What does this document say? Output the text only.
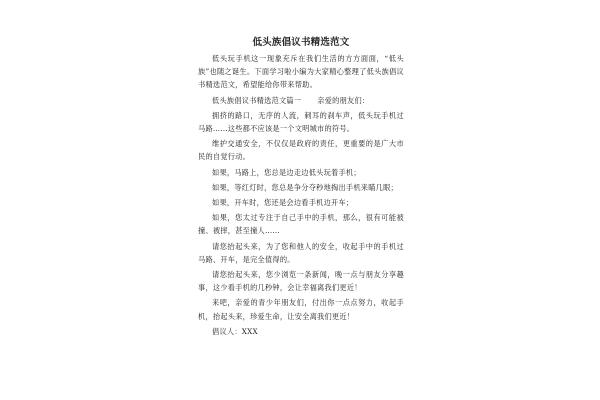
低头族倡议书精选范文

低头玩手机这一现象充斥在我们生活的方方面面，“低头族”也随之诞生。下面学习啦小编为大家精心整理了低头族倡议书精选范文，希望能给你带来帮助。

低头族倡议书精选范文篇一 亲爱的朋友们：

拥挤的路口，无序的人流，刺耳的刹车声，低头玩手机过马路……这些都不应该是一个文明城市的符号。

维护交通安全，不仅仅是政府的责任，更重要的是广大市民的自觉行动。

如果，马路上，您总是边走边低头玩着手机；

如果，等红灯时，您总是争分夺秒地掏出手机来瞄几眼；

如果，开车时，您还是会边看手机边开车；

如果，您太过专注于自己手中的手机，那么，很有可能被撞、被摔，甚至撞人……

请您抬起头来，为了您和他人的安全，收起手中的手机过马路、开车，是完全值得的。

请您抬起头来，您少浏览一条新闻，晚一点与朋友分享趣事，这少看手机的几秒钟，会让幸福离我们更近！

来吧，亲爱的青少年朋友们，付出你一点点努力，收起手机，抬起头来，珍爱生命，让安全离我们更近！

倡议人：XXX
